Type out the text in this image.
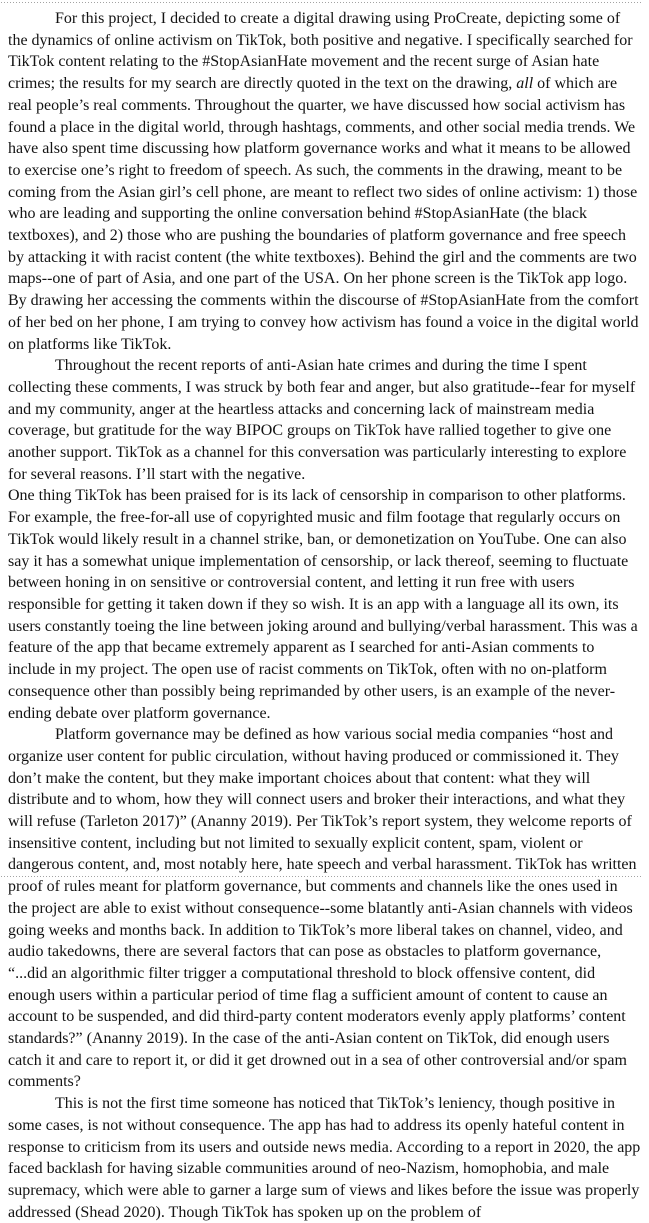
For this project, I decided to create a digital drawing using ProCreate, depicting some of the dynamics of online activism on TikTok, both positive and negative. I specifically searched for TikTok content relating to the #StopAsianHate movement and the recent surge of Asian hate crimes; the results for my search are directly quoted in the text on the drawing, all of which are real people’s real comments. Throughout the quarter, we have discussed how social activism has found a place in the digital world, through hashtags, comments, and other social media trends. We have also spent time discussing how platform governance works and what it means to be allowed to exercise one’s right to freedom of speech. As such, the comments in the drawing, meant to be coming from the Asian girl’s cell phone, are meant to reflect two sides of online activism: 1) those who are leading and supporting the online conversation behind #StopAsianHate (the black textboxes), and 2) those who are pushing the boundaries of platform governance and free speech by attacking it with racist content (the white textboxes). Behind the girl and the comments are two maps--one of part of Asia, and one part of the USA. On her phone screen is the TikTok app logo. By drawing her accessing the comments within the discourse of #StopAsianHate from the comfort of her bed on her phone, I am trying to convey how activism has found a voice in the digital world on platforms like TikTok.

Throughout the recent reports of anti-Asian hate crimes and during the time I spent collecting these comments, I was struck by both fear and anger, but also gratitude--fear for myself and my community, anger at the heartless attacks and concerning lack of mainstream media coverage, but gratitude for the way BIPOC groups on TikTok have rallied together to give one another support. TikTok as a channel for this conversation was particularly interesting to explore for several reasons. I’ll start with the negative.

One thing TikTok has been praised for is its lack of censorship in comparison to other platforms. For example, the free-for-all use of copyrighted music and film footage that regularly occurs on TikTok would likely result in a channel strike, ban, or demonetization on YouTube. One can also say it has a somewhat unique implementation of censorship, or lack thereof, seeming to fluctuate between honing in on sensitive or controversial content, and letting it run free with users responsible for getting it taken down if they so wish. It is an app with a language all its own, its users constantly toeing the line between joking around and bullying/verbal harassment. This was a feature of the app that became extremely apparent as I searched for anti-Asian comments to include in my project. The open use of racist comments on TikTok, often with no on-platform consequence other than possibly being reprimanded by other users, is an example of the never-ending debate over platform governance.

Platform governance may be defined as how various social media companies “host and organize user content for public circulation, without having produced or commissioned it. They don’t make the content, but they make important choices about that content: what they will distribute and to whom, how they will connect users and broker their interactions, and what they will refuse (Tarleton 2017)” (Ananny 2019). Per TikTok’s report system, they welcome reports of insensitive content, including but not limited to sexually explicit content, spam, violent or dangerous content, and, most notably here, hate speech and verbal harassment. TikTok has written proof of rules meant for platform governance, but comments and channels like the ones used in the project are able to exist without consequence--some blatantly anti-Asian channels with videos going weeks and months back. In addition to TikTok’s more liberal takes on channel, video, and audio takedowns, there are several factors that can pose as obstacles to platform governance, “...did an algorithmic filter trigger a computational threshold to block offensive content, did enough users within a particular period of time flag a sufficient amount of content to cause an account to be suspended, and did third-party content moderators evenly apply platforms’ content standards?” (Ananny 2019). In the case of the anti-Asian content on TikTok, did enough users catch it and care to report it, or did it get drowned out in a sea of other controversial and/or spam comments?

This is not the first time someone has noticed that TikTok’s leniency, though positive in some cases, is not without consequence. The app has had to address its openly hateful content in response to criticism from its users and outside news media. According to a report in 2020, the app faced backlash for having sizable communities around of neo-Nazism, homophobia, and male supremacy, which were able to garner a large sum of views and likes before the issue was properly addressed (Shead 2020). Though TikTok has spoken up on the problem of
